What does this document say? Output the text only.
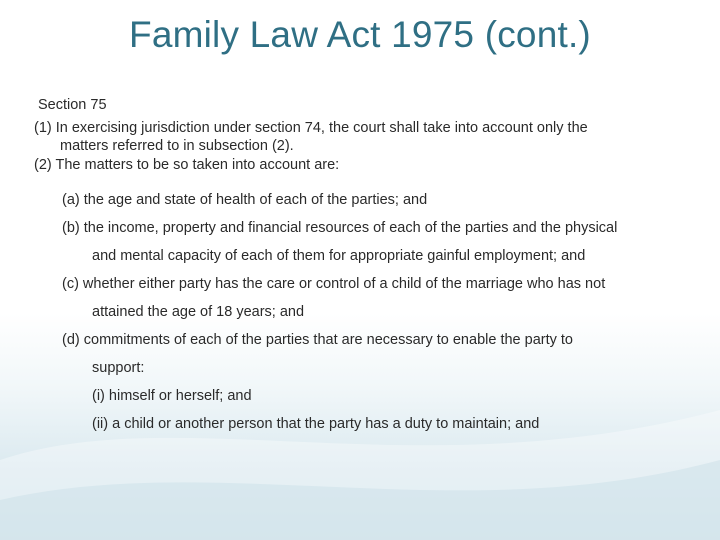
Family Law Act 1975 (cont.)
Section 75
(1) In exercising jurisdiction under section 74, the court shall take into account only the
matters referred to in subsection (2).
(2) The matters to be so taken into account are:
(a) the age and state of health of each of the parties; and
(b) the income, property and financial resources of each of the parties and the physical
and mental capacity of each of them for appropriate gainful employment; and
(c) whether either party has the care or control of a child of the marriage who has not
attained the age of 18 years; and
(d) commitments of each of the parties that are necessary to enable the party to
support:
(i) himself or herself; and
(ii) a child or another person that the party has a duty to maintain; and
